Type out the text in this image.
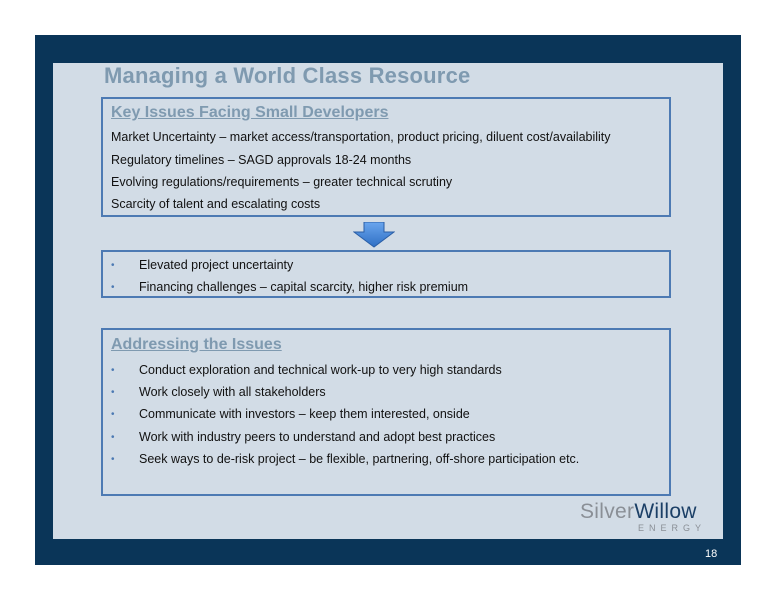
Managing a World Class Resource
Key Issues Facing Small Developers
Market Uncertainty – market access/transportation, product pricing, diluent cost/availability
Regulatory timelines – SAGD approvals 18-24 months
Evolving regulations/requirements – greater technical scrutiny
Scarcity of talent and escalating costs
•	Elevated project uncertainty
•	Financing challenges – capital scarcity, higher risk premium
Addressing the Issues
•	Conduct exploration and technical work-up to very high standards
•	Work closely with all stakeholders
•	Communicate with investors – keep them interested, onside
•	Work with industry peers to understand and adopt best practices
•	Seek ways to de-risk project – be flexible, partnering, off-shore participation etc.
SilverWillow
ENERGY
18
